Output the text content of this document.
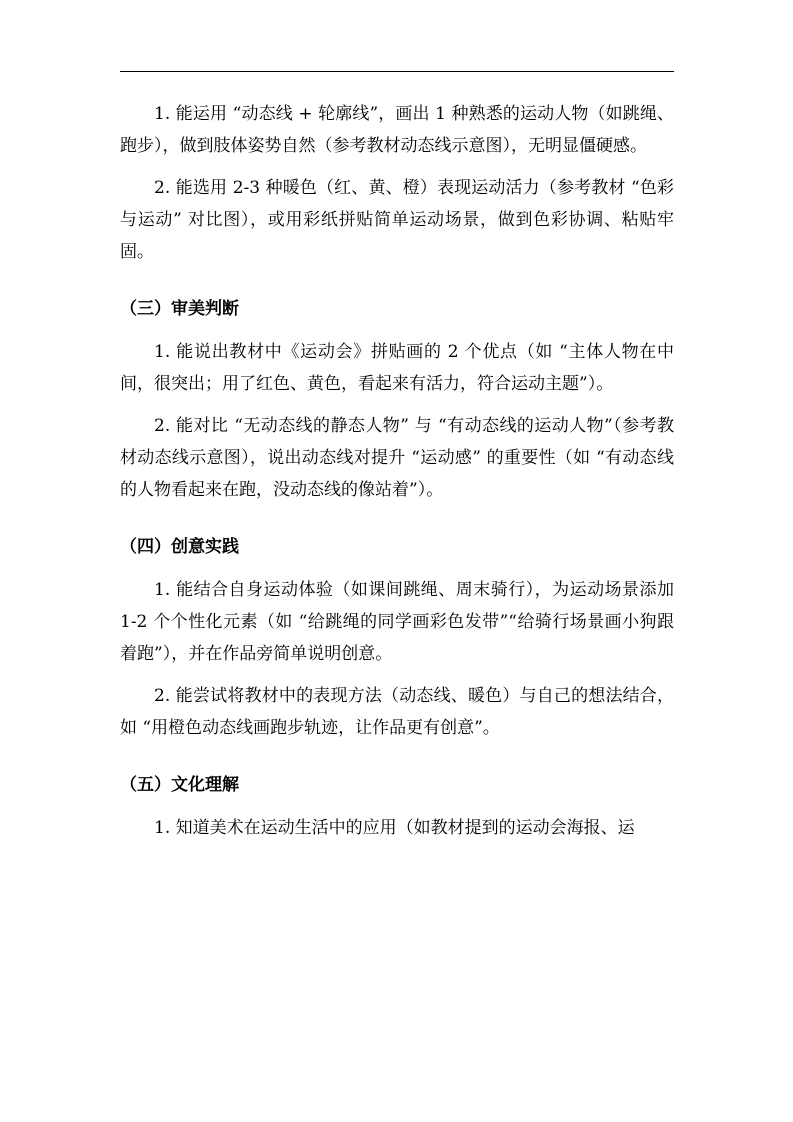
1. 能运用 “动态线 + 轮廓线”，画出 1 种熟悉的运动人物（如跳绳、跑步），做到肢体姿势自然（参考教材动态线示意图），无明显僵硬感。

2. 能选用 2-3 种暖色（红、黄、橙）表现运动活力（参考教材 “色彩与运动” 对比图），或用彩纸拼贴简单运动场景，做到色彩协调、粘贴牢固。

（三）审美判断

1. 能说出教材中《运动会》拼贴画的 2 个优点（如 “主体人物在中间，很突出；用了红色、黄色，看起来有活力，符合运动主题”）。

2. 能对比 “无动态线的静态人物” 与 “有动态线的运动人物”（参考教材动态线示意图），说出动态线对提升 “运动感” 的重要性（如 “有动态线的人物看起来在跑，没动态线的像站着”）。

（四）创意实践

1. 能结合自身运动体验（如课间跳绳、周末骑行），为运动场景添加 1-2 个个性化元素（如 “给跳绳的同学画彩色发带”“给骑行场景画小狗跟着跑”），并在作品旁简单说明创意。

2. 能尝试将教材中的表现方法（动态线、暖色）与自己的想法结合，如 “用橙色动态线画跑步轨迹，让作品更有创意”。

（五）文化理解

1. 知道美术在运动生活中的应用（如教材提到的运动会海报、运
